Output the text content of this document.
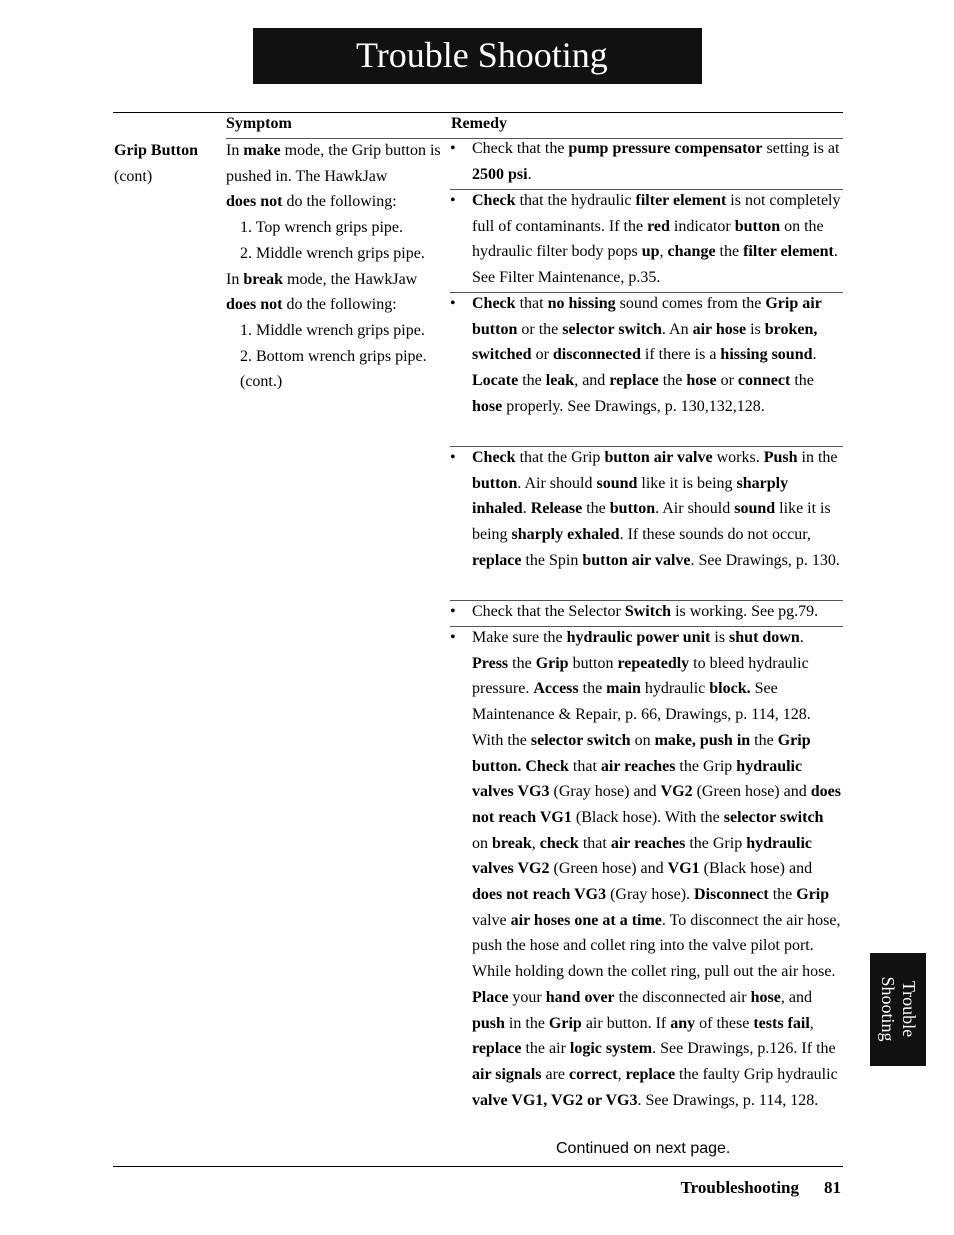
Trouble Shooting
Symptom	Remedy
Grip Button
(cont)
In make mode, the Grip button is pushed in. The HawkJaw
does not do the following:
1. Top wrench grips pipe.
2. Middle wrench grips pipe.
In break mode, the HawkJaw
does not do the following:
1. Middle wrench grips pipe.
2. Bottom wrench grips pipe.
(cont.)
• Check that the pump pressure compensator setting is at 2500 psi.
• Check that the hydraulic filter element is not completely full of contaminants. If the red indicator button on the hydraulic filter body pops up, change the filter element. See Filter Maintenance, p.35.
• Check that no hissing sound comes from the Grip air button or the selector switch. An air hose is broken, switched or disconnected if there is a hissing sound. Locate the leak, and replace the hose or connect the hose properly. See Drawings, p. 130,132,128.
• Check that the Grip button air valve works. Push in the button. Air should sound like it is being sharply inhaled. Release the button. Air should sound like it is being sharply exhaled. If these sounds do not occur, replace the Spin button air valve. See Drawings, p. 130.
• Check that the Selector Switch is working. See pg.79.
• Make sure the hydraulic power unit is shut down. Press the Grip button repeatedly to bleed hydraulic pressure. Access the main hydraulic block. See Maintenance & Repair, p. 66, Drawings, p. 114, 128. With the selector switch on make, push in the Grip button. Check that air reaches the Grip hydraulic valves VG3 (Gray hose) and VG2 (Green hose) and does not reach VG1 (Black hose). With the selector switch on break, check that air reaches the Grip hydraulic valves VG2 (Green hose) and VG1 (Black hose) and does not reach VG3 (Gray hose). Disconnect the Grip valve air hoses one at a time. To disconnect the air hose, push the hose and collet ring into the valve pilot port. While holding down the collet ring, pull out the air hose. Place your hand over the disconnected air hose, and push in the Grip air button. If any of these tests fail, replace the air logic system. See Drawings, p.126. If the air signals are correct, replace the faulty Grip hydraulic valve VG1, VG2 or VG3. See Drawings, p. 114, 128.
Continued on next page.
Troubleshooting 81
Trouble
Shooting
